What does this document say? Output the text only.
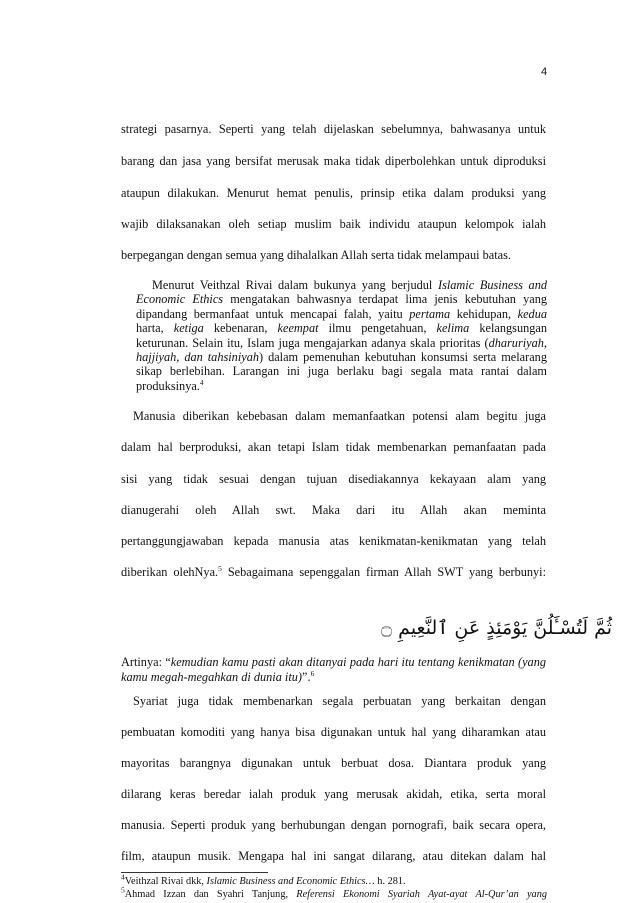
4
strategi pasarnya. Seperti yang telah dijelaskan sebelumnya, bahwasanya untuk
barang dan jasa yang bersifat merusak maka tidak diperbolehkan untuk diproduksi
ataupun dilakukan. Menurut hemat penulis, prinsip etika dalam produksi yang
wajib dilaksanakan oleh setiap muslim baik individu ataupun kelompok ialah
berpegangan dengan semua yang dihalalkan Allah serta tidak melampaui batas.

Menurut Veithzal Rivai dalam bukunya yang berjudul Islamic Business and Economic Ethics mengatakan bahwasnya terdapat lima jenis kebutuhan yang dipandang bermanfaat untuk mencapai falah, yaitu pertama kehidupan, kedua harta, ketiga kebenaran, keempat ilmu pengetahuan, kelima kelangsungan keturunan. Selain itu, Islam juga mengajarkan adanya skala prioritas (dharuriyah, hajjiyah, dan tahsiniyah) dalam pemenuhan kebutuhan konsumsi serta melarang sikap berlebihan. Larangan ini juga berlaku bagi segala mata rantai dalam produksinya.$^4$

Manusia diberikan kebebasan dalam memanfaatkan potensi alam begitu juga
dalam hal berproduksi, akan tetapi Islam tidak membenarkan pemanfaatan pada
sisi yang tidak sesuai dengan tujuan disediakannya kekayaan alam yang
dianugerahi oleh Allah swt. Maka dari itu Allah akan meminta
pertanggungjawaban kepada manusia atas kenikmatan-kenikmatan yang telah
diberikan olehNya.$^5$ Sebagaimana sepenggalan firman Allah SWT yang berbunyi:
ثُمَّ لَتُسْـَٔلُنَّ يَوْمَئِذٍ عَنِ ٱلنَّعِيمِ ۝
Artinya: “kemudian kamu pasti akan ditanyai pada hari itu tentang kenikmatan (yang kamu megah-megahkan di dunia itu)”.$^6$
Syariat juga tidak membenarkan segala perbuatan yang berkaitan dengan
pembuatan komoditi yang hanya bisa digunakan untuk hal yang diharamkan atau
mayoritas barangnya digunakan untuk berbuat dosa. Diantara produk yang
dilarang keras beredar ialah produk yang merusak akidah, etika, serta moral
manusia. Seperti produk yang berhubungan dengan pornografi, baik secara opera,
film, ataupun musik. Mengapa hal ini sangat dilarang, atau ditekan dalam hal
$^4$Veithzal Rivai dkk, Islamic Business and Economic Ethics… h. 281.
$^5$Ahmad Izzan dan Syahri Tanjung, Referensi Ekonomi Syariah Ayat-ayat Al-Qur’an yang
